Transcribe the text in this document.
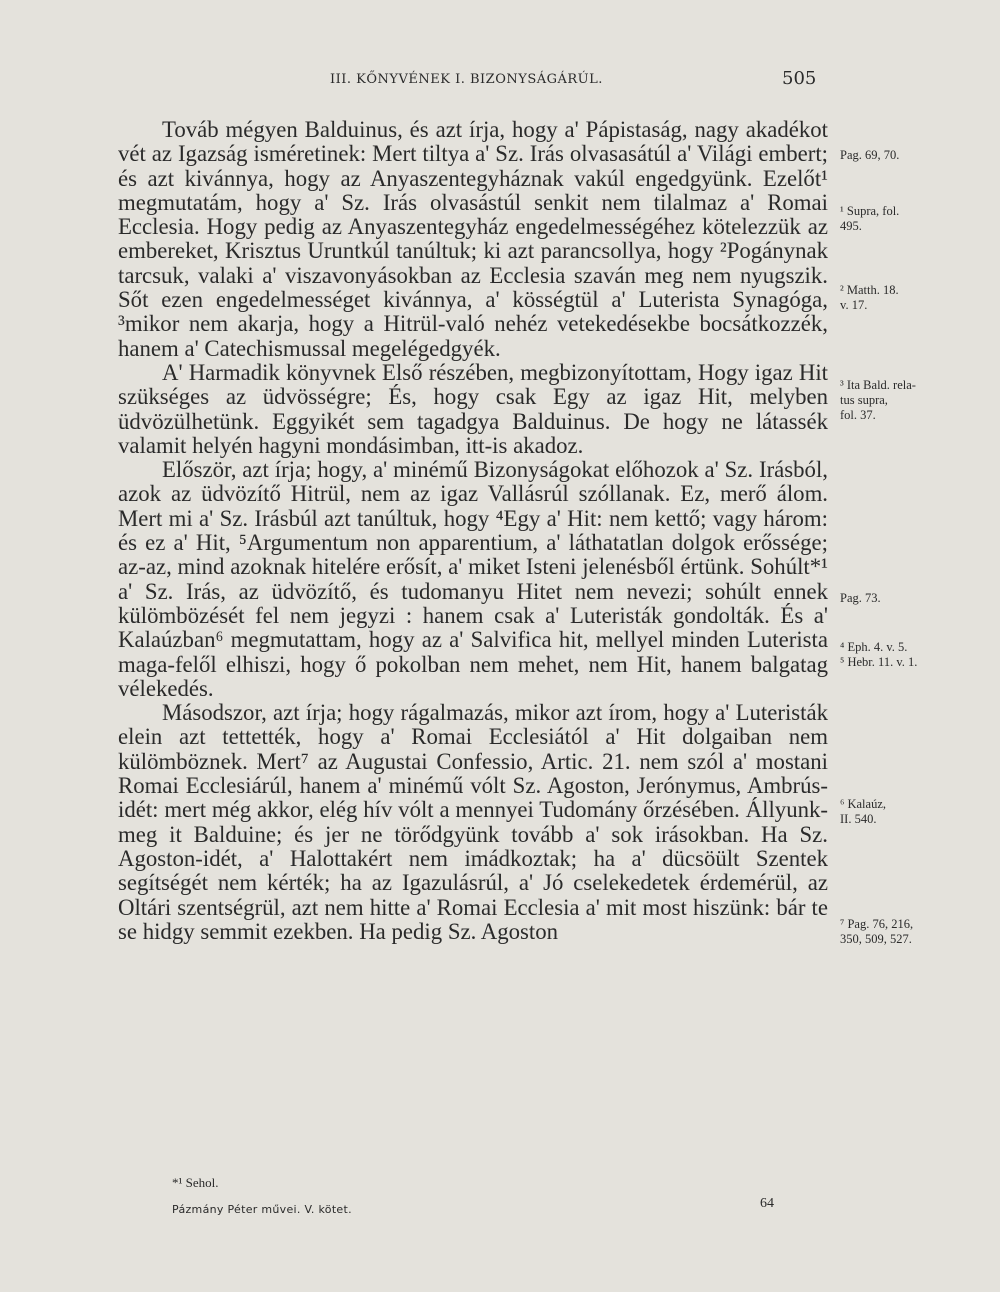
III. KŐNYVÉNEK I. BIZONYSÁGÁRÚL.	505

Továb mégyen Balduinus, és azt írja, hogy a' Pápistaság, nagy akadékot vét az Igazság isméretinek: Mert tiltya a' Sz. Irás olvasasátúl a' Világi embert; és azt kivánnya, hogy az Anyaszentegyháznak vakúl engedgyünk. Ezelőt¹ megmutatám, hogy a' Sz. Irás olvasástúl senkit nem tilalmaz a' Romai Ecclesia. Hogy pedig az Anyaszentegyház engedelmességéhez kötelezzük az embereket, Krisztus Uruntkúl tanúltuk; ki azt parancsollya, hogy ²Pogánynak tarcsuk, valaki a' viszavonyásokban az Ecclesia szaván meg nem nyugszik. Sőt ezen engedelmességet kivánnya, a' kösségtül a' Luterista Synagóga, ³mikor nem akarja, hogy a Hitrül-való nehéz vetekedésekbe bocsátkozzék, hanem a' Catechismussal megelégedgyék.

A' Harmadik könyvnek Első részében, megbizonyítottam, Hogy igaz Hit szükséges az üdvösségre; És, hogy csak Egy az igaz Hit, melyben üdvözülhetünk. Eggyikét sem tagadgya Balduinus. De hogy ne látassék valamit helyén hagyni mondásimban, itt-is akadoz.

Először, azt írja; hogy, a' minémű Bizonyságokat előhozok a' Sz. Irásból, azok az üdvözítő Hitrül, nem az igaz Vallásrúl szóllanak. Ez, merő álom. Mert mi a' Sz. Irásbúl azt tanúltuk, hogy ⁴Egy a' Hit: nem kettő; vagy három: és ez a' Hit, ⁵Argumentum non apparentium, a' láthatatlan dolgok erőssége; az-az, mind azoknak hitelére erősít, a' miket Isteni jelenésből értünk. Sohúlt*¹ a' Sz. Irás, az üdvözítő, és tudomanyu Hitet nem nevezi; sohúlt ennek külömbözését fel nem jegyzi : hanem csak a' Luteristák gondolták. És a' Kalaúzban⁶ megmutattam, hogy az a' Salvifica hit, mellyel minden Luterista maga-felől elhiszi, hogy ő pokolban nem mehet, nem Hit, hanem balgatag vélekedés.

Másodszor, azt írja; hogy rágalmazás, mikor azt írom, hogy a' Luteristák elein azt tettették, hogy a' Romai Ecclesiától a' Hit dolgaiban nem külömböznek. Mert⁷ az Augustai Confessio, Artic. 21. nem szól a' mostani Romai Ecclesiárúl, hanem a' minémű vólt Sz. Agoston, Jerónymus, Ambrús-idét: mert még akkor, elég hív vólt a mennyei Tudomány őrzésében. Állyunk-meg it Balduine; és jer ne törődgyünk tovább a' sok irásokban. Ha Sz. Agoston-idét, a' Halottakért nem imádkoztak; ha a' dücsöült Szentek segítségét nem kérték; ha az Igazulásrúl, a' Jó cselekedetek érdemérül, az Oltári szentségrül, azt nem hitte a' Romai Ecclesia a' mit most hiszünk: bár te se hidgy semmit ezekben. Ha pedig Sz. Agoston

Pag. 69, 70.
¹ Supra, fol.
495.
² Matth. 18.
v. 17.
³ Ita Bald. rela-
tus supra,
fol. 37.
Pag. 73.
⁴ Eph. 4. v. 5.
⁵ Hebr. 11. v. 1.
⁶ Kalaúz,
II. 540.
⁷ Pag. 76, 216,
350, 509, 527.
*¹ Sehol.
Pázmány Péter művei. V. kötet.	64
